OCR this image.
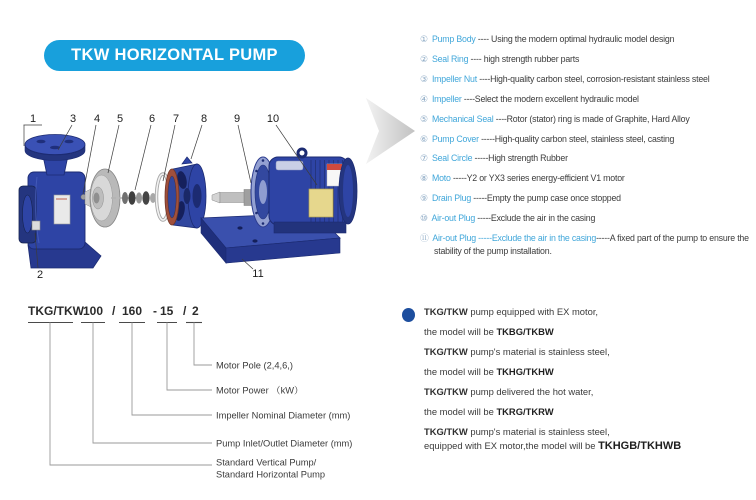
TKW HORIZONTAL PUMP
1	3 4 5 6 7 8 9 10
2	11
① Pump Body ---- Using the modern optimal hydraulic model design
② Seal Ring ---- high strength rubber parts
③ Impeller Nut ----High-quality carbon steel, corrosion-resistant stainless steel
④ Impeller ----Select the modern excellent hydraulic model
⑤ Mechanical Seal ----Rotor (stator) ring is made of Graphite, Hard Alloy
⑥ Pump Cover -----High-quality carbon steel, stainless steel, casting
⑦ Seal Circle -----High strength Rubber
⑧ Moto -----Y2 or YX3 series energy-efficient V1 motor
⑨ Drain Plug -----Empty the pump case once stopped
⑩ Air-out Plug -----Exclude the air in the casing
⑪ Air-out Plug -----Exclude the air in the casing-----A fixed part of the pump to ensure the stability of the pump installation.
TKG/TKW 100 / 160 - 15 / 2
Motor Pole (2,4,6,)
Motor Power （kW）
Impeller Nominal Diameter (mm)
Pump Inlet/Outlet Diameter (mm)
Standard Vertical Pump/
Standard Horizontal Pump
TKG/TKW pump equipped with EX motor,
the model will be TKBG/TKBW
TKG/TKW pump's material is stainless steel,
the model will be TKHG/TKHW
TKG/TKW pump delivered the hot water,
the model will be TKRG/TKRW
TKG/TKW pump's material is stainless steel,
equipped with EX motor,the model will be TKHGB/TKHWB
